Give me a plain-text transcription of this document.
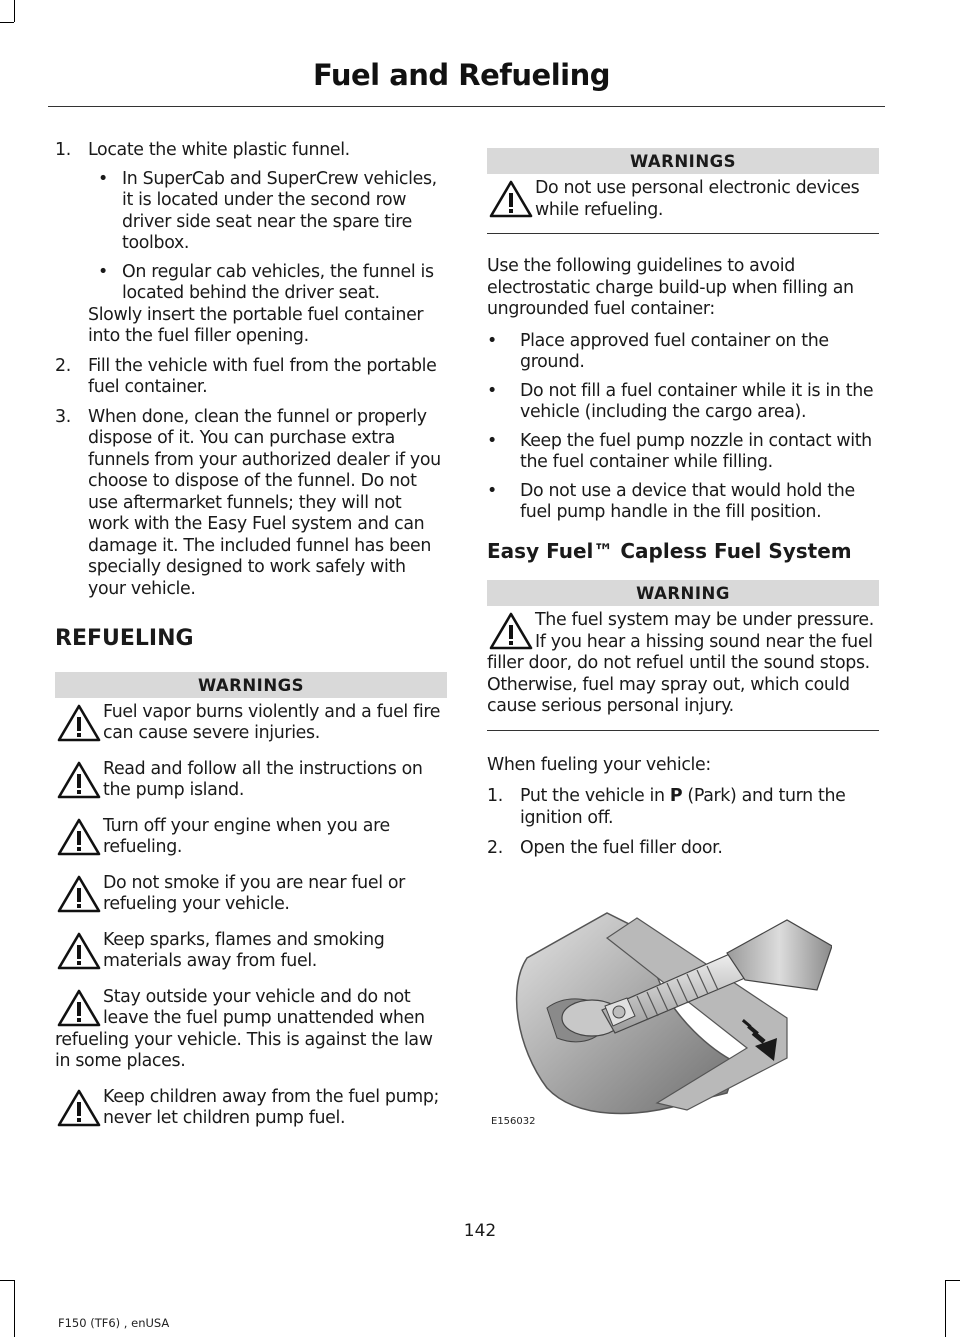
Fuel and Refueling
1. Locate the white plastic funnel.
• In SuperCab and SuperCrew vehicles, it is located under the second row driver side seat near the spare tire toolbox.
• On regular cab vehicles, the funnel is located behind the driver seat.
Slowly insert the portable fuel container into the fuel filler opening.
2. Fill the vehicle with fuel from the portable fuel container.
3. When done, clean the funnel or properly dispose of it. You can purchase extra funnels from your authorized dealer if you choose to dispose of the funnel. Do not use aftermarket funnels; they will not work with the Easy Fuel system and can damage it. The included funnel has been specially designed to work safely with your vehicle.
REFUELING
WARNINGS
Fuel vapor burns violently and a fuel fire can cause severe injuries.
Read and follow all the instructions on the pump island.
Turn off your engine when you are refueling.
Do not smoke if you are near fuel or refueling your vehicle.
Keep sparks, flames and smoking materials away from fuel.
Stay outside your vehicle and do not leave the fuel pump unattended when refueling your vehicle. This is against the law in some places.
Keep children away from the fuel pump; never let children pump fuel.
WARNINGS
Do not use personal electronic devices while refueling.
Use the following guidelines to avoid electrostatic charge build-up when filling an ungrounded fuel container:
• Place approved fuel container on the ground.
• Do not fill a fuel container while it is in the vehicle (including the cargo area).
• Keep the fuel pump nozzle in contact with the fuel container while filling.
• Do not use a device that would hold the fuel pump handle in the fill position.
Easy Fuel™ Capless Fuel System
WARNING
The fuel system may be under pressure. If you hear a hissing sound near the fuel filler door, do not refuel until the sound stops. Otherwise, fuel may spray out, which could cause serious personal injury.
When fueling your vehicle:
1. Put the vehicle in P (Park) and turn the ignition off.
2. Open the fuel filler door.
E156032
142
F150 (TF6) , enUSA
